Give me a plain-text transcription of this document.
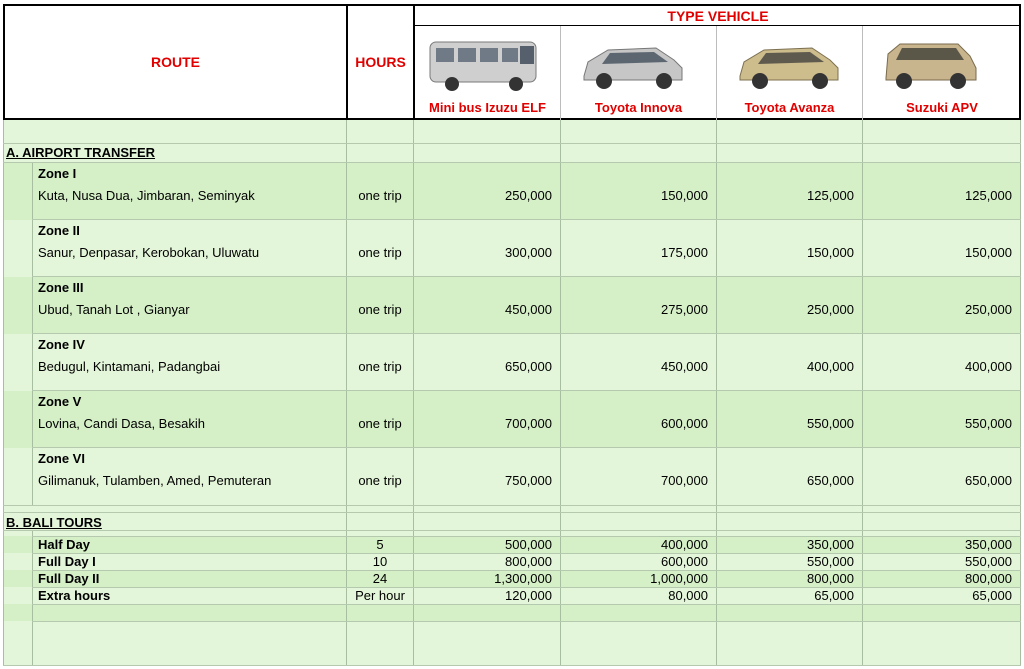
ROUTE	HOURS
TYPE VEHICLE
Mini bus Izuzu ELF	Toyota Innova	Toyota Avanza	Suzuki APV
A. AIRPORT TRANSFER
Zone I
Kuta, Nusa Dua, Jimbaran, Seminyak	one trip	250,000	150,000	125,000	125,000
Zone II
Sanur, Denpasar, Kerobokan, Uluwatu	one trip	300,000	175,000	150,000	150,000
Zone III
Ubud, Tanah Lot , Gianyar	one trip	450,000	275,000	250,000	250,000
Zone IV
Bedugul, Kintamani, Padangbai	one trip	650,000	450,000	400,000	400,000
Zone V
Lovina, Candi Dasa, Besakih	one trip	700,000	600,000	550,000	550,000
Zone VI
Gilimanuk, Tulamben, Amed, Pemuteran	one trip	750,000	700,000	650,000	650,000
B. BALI TOURS
Half Day	5	500,000	400,000	350,000	350,000
Full Day I	10	800,000	600,000	550,000	550,000
Full Day II	24	1,300,000	1,000,000	800,000	800,000
Extra hours	Per hour	120,000	80,000	65,000	65,000
